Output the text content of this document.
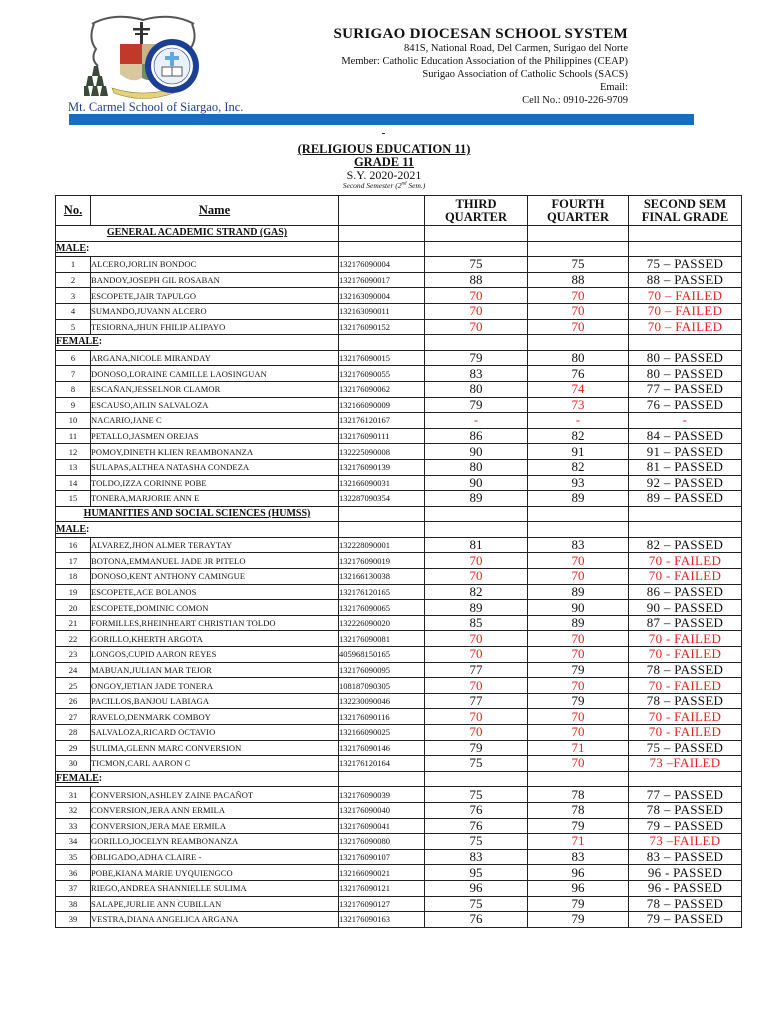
Mt. Carmel School of Siargao, Inc.
SURIGAO DIOCESAN SCHOOL SYSTEM
841S, National Road, Del Carmen, Surigao del Norte
Member: Catholic Education Association of the Philippines (CEAP)
Surigao Association of Catholic Schools (SACS)
Email:
Cell No.: 0910-226-9709
(RELIGIOUS EDUCATION 11)
GRADE 11
S.Y. 2020-2021
Second Semester (2nd Sem.)
No.	Name		THIRD
QUARTER	FOURTH
QUARTER	SECOND SEM
FINAL GRADE
GENERAL ACADEMIC STRAND (GAS)					
MALE:					
1	ALCERO,JORLIN BONDOC	132176090004	75	75	75 – PASSED
2	BANDOY,JOSEPH GIL ROSABAN	132176090017	88	88	88 – PASSED
3	ESCOPETE,JAIR TAPULGO	132163090004	70	70	70 – FAILED
4	SUMANDO,JUVANN ALCERO	132163090011	70	70	70 – FAILED
5	TESIORNA,JHUN FHILIP ALIPAYO	132176090152	70	70	70 – FAILED
FEMALE:					
6	ARGANA,NICOLE MIRANDAY	132176090015	79	80	80 – PASSED
7	DONOSO,LORAINE CAMILLE LAOSINGUAN	132176090055	83	76	80 – PASSED
8	ESCAÑAN,JESSELNOR CLAMOR	132176090062	80	74	77 – PASSED
9	ESCAUSO,AILIN SALVALOZA	132166090009	79	73	76 – PASSED
10	NACARIO,JANE C	132176120167	-	-	-
11	PETALLO,JASMEN OREJAS	132176090111	86	82	84 – PASSED
12	POMOY,DINETH KLIEN REAMBONANZA	132225090008	90	91	91 – PASSED
13	SULAPAS,ALTHEA NATASHA CONDEZA	132176090139	80	82	81 – PASSED
14	TOLDO,IZZA CORINNE POBE	132166090031	90	93	92 – PASSED
15	TONERA,MARJORIE ANN E	132287090354	89	89	89 – PASSED
HUMANITIES AND SOCIAL SCIENCES (HUMSS)					
MALE:					
16	ALVAREZ,JHON ALMER TERAYTAY	132228090001	81	83	82 – PASSED
17	BOTONA,EMMANUEL JADE JR PITELO	132176090019	70	70	70 - FAILED
18	DONOSO,KENT ANTHONY CAMINGUE	132166130038	70	70	70 - FAILED
19	ESCOPETE,ACE BOLANOS	132176120165	82	89	86 – PASSED
20	ESCOPETE,DOMINIC COMON	132176090065	89	90	90 – PASSED
21	FORMILLES,RHEINHEART CHRISTIAN TOLDO	132226090020	85	89	87 – PASSED
22	GORILLO,KHERTH ARGOTA	132176090081	70	70	70 - FAILED
23	LONGOS,CUPID AARON REYES	405968150165	70	70	70 - FAILED
24	MABUAN,JULIAN MAR TEJOR	132176090095	77	79	78 – PASSED
25	ONGOY,JETIAN JADE TONERA	108187090305	70	70	70 - FAILED
26	PACILLOS,BANJOU LABIAGA	132230090046	77	79	78 – PASSED
27	RAVELO,DENMARK COMBOY	132176090116	70	70	70 - FAILED
28	SALVALOZA,RICARD OCTAVIO	132166090025	70	70	70 - FAILED
29	SULIMA,GLENN MARC CONVERSION	132176090146	79	71	75 – PASSED
30	TICMON,CARL AARON C	132176120164	75	70	73 –FAILED
FEMALE:					
31	CONVERSION,ASHLEY ZAINE PACAÑOT	132176090039	75	78	77 – PASSED
32	CONVERSION,JERA ANN ERMILA	132176090040	76	78	78 – PASSED
33	CONVERSION,JERA MAE ERMILA	132176090041	76	79	79 – PASSED
34	GORILLO,JOCELYN REAMBONANZA	132176090080	75	71	73 –FAILED
35	OBLIGADO,ADHA CLAIRE -	132176090107	83	83	83 – PASSED
36	POBE,KIANA MARIE UYQUIENGCO	132166090021	95	96	96 - PASSED
37	RIEGO,ANDREA SHANNIELLE SULIMA	132176090121	96	96	96 - PASSED
38	SALAPE,JURLIE ANN CUBILLAN	132176090127	75	79	78 – PASSED
39	VESTRA,DIANA ANGELICA ARGANA	132176090163	76	79	79 – PASSED
